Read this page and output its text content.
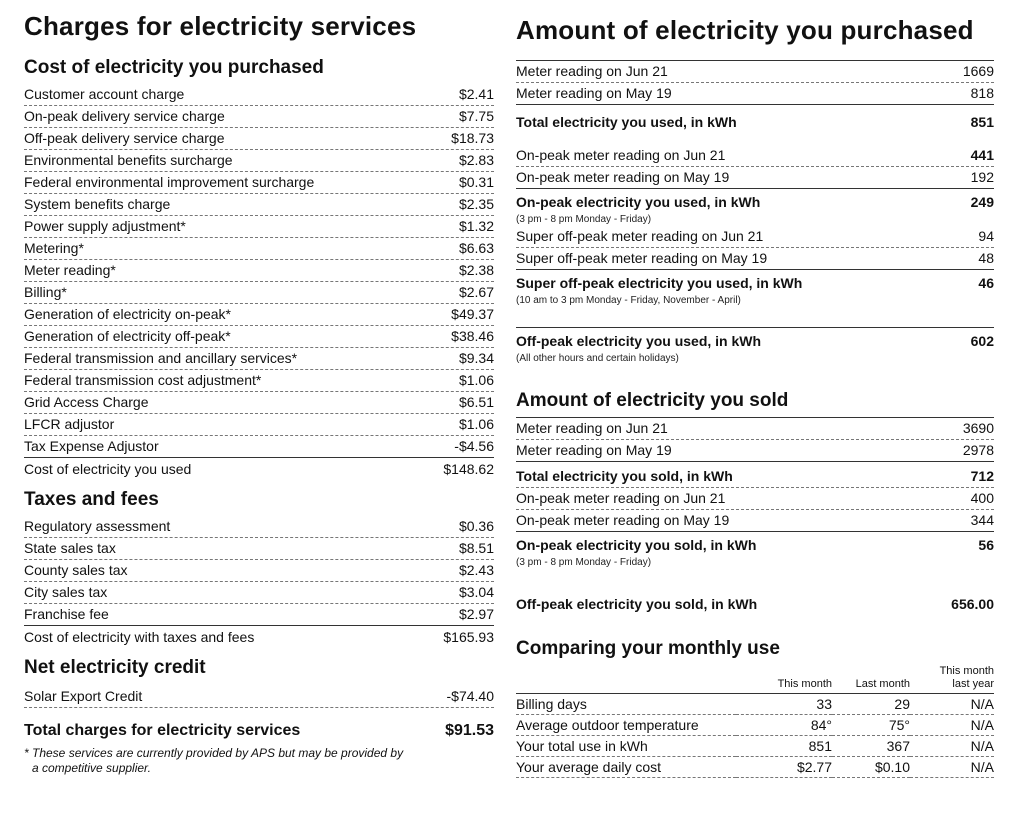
Charges for electricity services
Cost of electricity you purchased
Customer account charge	$2.41
On-peak delivery service charge	$7.75
Off-peak delivery service charge	$18.73
Environmental benefits surcharge	$2.83
Federal environmental improvement surcharge	$0.31
System benefits charge	$2.35
Power supply adjustment*	$1.32
Metering*	$6.63
Meter reading*	$2.38
Billing*	$2.67
Generation of electricity on-peak*	$49.37
Generation of electricity off-peak*	$38.46
Federal transmission and ancillary services*	$9.34
Federal transmission cost adjustment*	$1.06
Grid Access Charge	$6.51
LFCR adjustor	$1.06
Tax Expense Adjustor	-$4.56
Cost of electricity you used	$148.62
Taxes and fees
Regulatory assessment	$0.36
State sales tax	$8.51
County sales tax	$2.43
City sales tax	$3.04
Franchise fee	$2.97
Cost of electricity with taxes and fees	$165.93
Net electricity credit
Solar Export Credit	-$74.40
Total charges for electricity services	$91.53
* These services are currently provided by APS but may be provided by
a competitive supplier.
Amount of electricity you purchased
Meter reading on Jun 21	1669
Meter reading on May 19	818
Total electricity you used, in kWh	851
On-peak meter reading on Jun 21	441
On-peak meter reading on May 19	192
On-peak electricity you used, in kWh	249
(3 pm - 8 pm Monday - Friday)
Super off-peak meter reading on Jun 21	94
Super off-peak meter reading on May 19	48
Super off-peak electricity you used, in kWh	46
(10 am to 3 pm Monday - Friday, November - April)
Off-peak electricity you used, in kWh	602
(All other hours and certain holidays)
Amount of electricity you sold
Meter reading on Jun 21	3690
Meter reading on May 19	2978
Total electricity you sold, in kWh	712
On-peak meter reading on Jun 21	400
On-peak meter reading on May 19	344
On-peak electricity you sold, in kWh	56
(3 pm - 8 pm Monday - Friday)
Off-peak electricity you sold, in kWh	656.00
Comparing your monthly use
	This month	Last month	This month
last year
Billing days	33	29	N/A
Average outdoor temperature	84°	75°	N/A
Your total use in kWh	851	367	N/A
Your average daily cost	$2.77	$0.10	N/A
